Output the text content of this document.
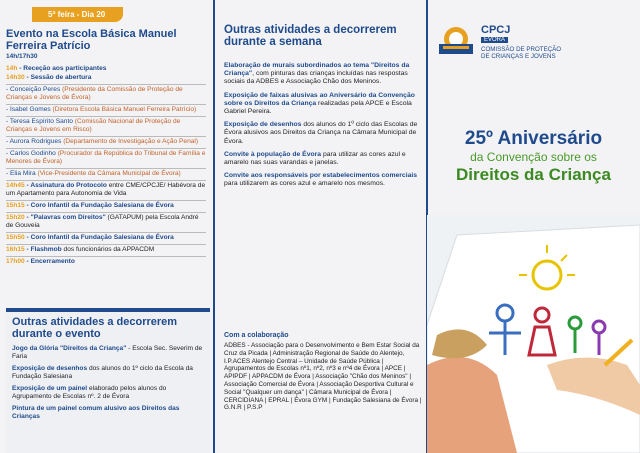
5ª feira - Dia 20
Evento na Escola Básica Manuel Ferreira Patrício
14h/17h30
14h - Receção aos participantes
14h30 - Sessão de abertura
- Conceição Peres (Presidente da Comissão de Proteção de Crianças e Jovens de Évora)
- Isabel Gomes (Diretora Escola Básica Manuel Ferreira Patrício)
- Teresa Espírito Santo (Comissão Nacional de Proteção de Crianças e Jovens em Risco)
- Aurora Rodrigues (Departamento de Investigação e Ação Penal)
- Carlos Godinho (Procurador da República do Tribunal de Família e Menores de Évora)
- Eliа Mira (Vice-Presidente da Câmara Municipal de Évora)
14h45 - Assinatura do Protocolo entre CME/CPCJE/ Habévora de um Apartamento para Autonomia de Vida
15h15 - Coro Infantil da Fundação Salesiana de Évora
15h20 - "Palavras com Direitos" (GATAPUM) pela Escola André de Gouveia
15h50 - Coro Infantil da Fundação Salesiana de Évora
16h15 - Flashmob dos funcionários da APPACDM
17h00 - Encerramento
Outras atividades a decorrerem durante o evento
Jogo da Glória "Direitos da Criança" - Escola Sec. Severim de Faria
Exposição de desenhos dos alunos do 1º ciclo da Escola da Fundação Salesiana
Exposição de um painel elaborado pelos alunos do Agrupamento de Escolas nº. 2 de Évora
Pintura de um painel comum alusivo aos Direitos das Crianças
Outras atividades a decorrerem durante a semana
Elaboração de murais subordinados ao tema "Direitos da Criança", com pinturas das crianças incluídas nas respostas sociais da ADBES e Associação Chão dos Meninos.
Exposição de faixas alusivas ao Aniversário da Convenção sobre os Direitos da Criança realizadas pela APCE e Escola Gabriel Pereira.
Exposição de desenhos dos alunos do 1º ciclo das Escolas de Évora alusivos aos Direitos da Criança na Câmara Municipal de Évora.
Convite à população de Évora para utilizar as cores azul e amarelo nas suas varandas e janelas.
Convite aos responsáveis por estabelecimentos comerciais para utilizarem as cores azul e amarelo nos mesmos.
Com a colaboração
ADBES - Associação para o Desenvolvimento e Bem Estar Social da Cruz da Picada | Administração Regional de Saúde do Alentejo, I.P.ACES Alentejo Central – Unidade de Saúde Pública | Agrupamentos de Escolas nº1, nº2, nº3 e nº4 de Évora | APCE | APIPDF | APPACDM de Évora | Associação "Chão dos Meninos" | Associação Comercial de Évora | Associação Desportiva Cultural e Social "Qualquer um dança" | Câmara Municipal de Évora | CERCIDIANA | EPRAL | Évora GYM | Fundação Salesiana de Évora | G.N.R | P.S.P
CPCJ
ÉVORA
COMISSÃO DE PROTEÇÃO
DE CRIANÇAS E JOVENS
25º Aniversário
da Convenção sobre os
Direitos da Criança
